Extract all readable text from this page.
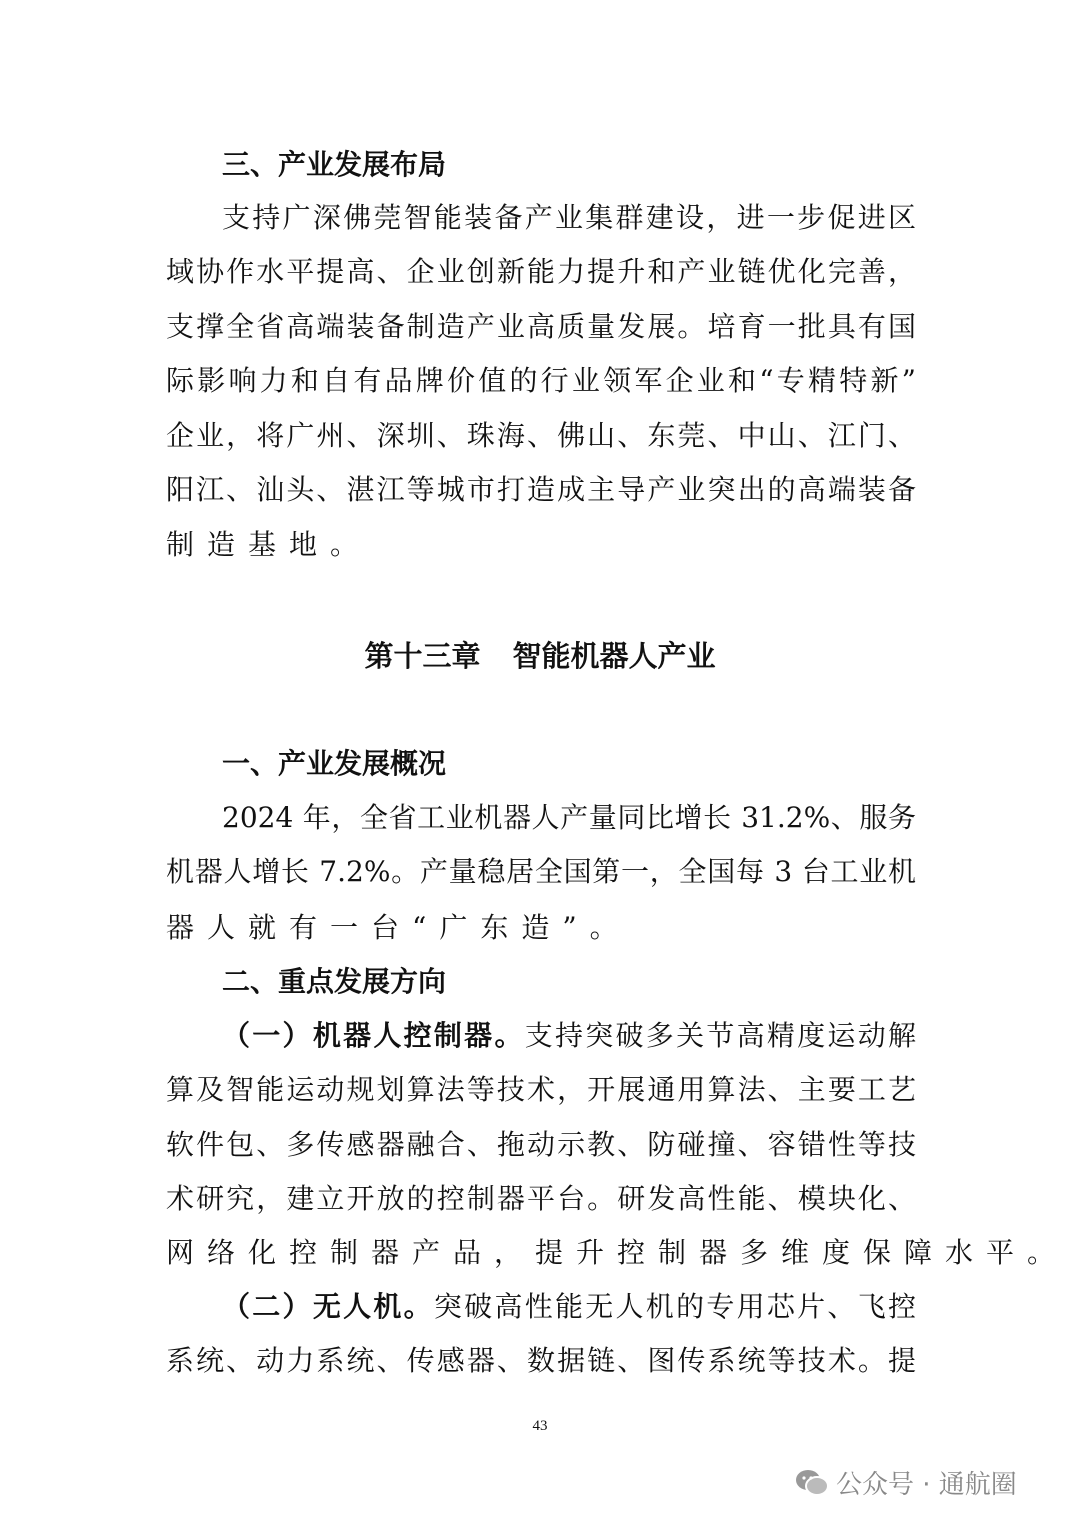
三、产业发展布局
支持广深佛莞智能装备产业集群建设，进一步促进区
域协作水平提高、企业创新能力提升和产业链优化完善，
支撑全省高端装备制造产业高质量发展。培育一批具有国
际影响力和自有品牌价值的行业领军企业和“专精特新”
企业，将广州、深圳、珠海、佛山、东莞、中山、江门、
阳江、汕头、湛江等城市打造成主导产业突出的高端装备
制造基地。
第十三章 智能机器人产业
一、产业发展概况
2024 年，全省工业机器人产量同比增长 31.2%、服务
机器人增长 7.2%。产量稳居全国第一，全国每 3 台工业机
器人就有一台“广东造”。
二、重点发展方向
（一）机器人控制器。支持突破多关节高精度运动解
算及智能运动规划算法等技术，开展通用算法、主要工艺
软件包、多传感器融合、拖动示教、防碰撞、容错性等技
术研究，建立开放的控制器平台。研发高性能、模块化、
网络化控制器产品，提升控制器多维度保障水平。
（二）无人机。突破高性能无人机的专用芯片、飞控
系统、动力系统、传感器、数据链、图传系统等技术。提
43
公众号 · 通航圈
